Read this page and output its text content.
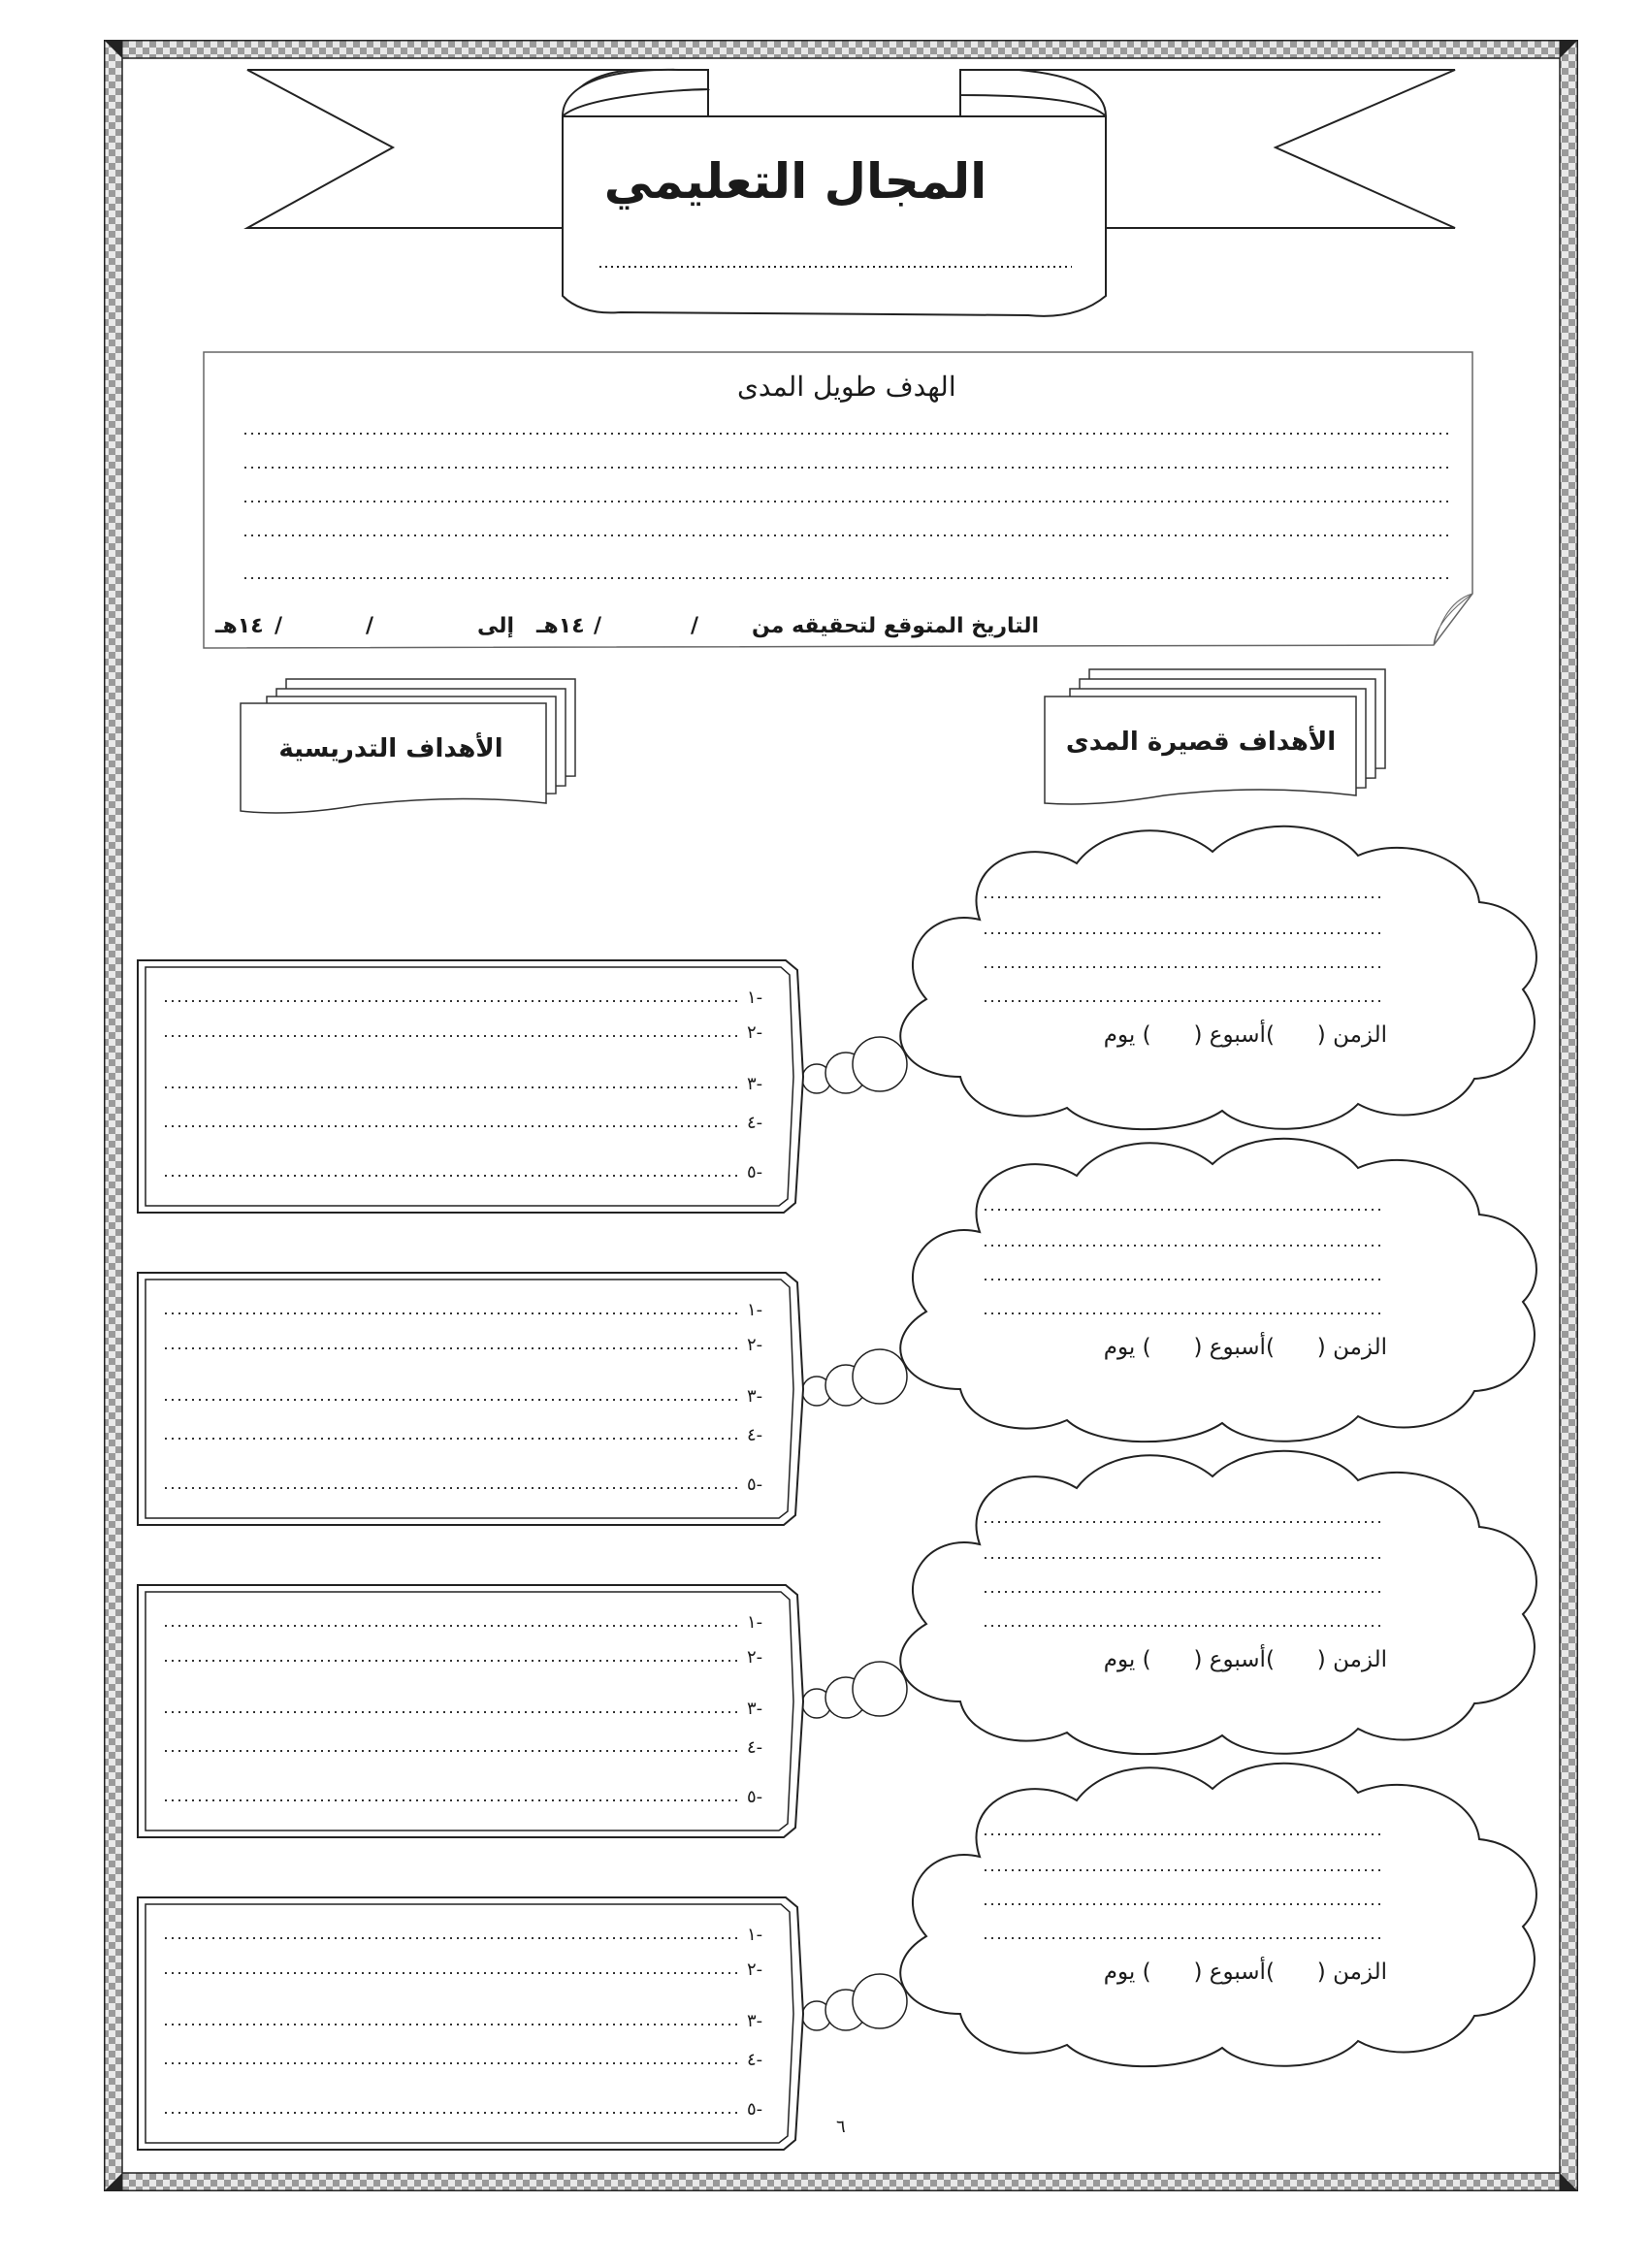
المجال التعليمي
الهدف طويل المدى
التاريخ المتوقع لتحقيقه من
/
/
١٤هـ
إلى
/
/
١٤هـ
الأهداف قصيرة المدى
الأهداف التدريسية
الزمن (      )أسبوع (      ) يوم
-١
-٢
-٣
-٤
-٥
الزمن (      )أسبوع (      ) يوم
-١
-٢
-٣
-٤
-٥
الزمن (      )أسبوع (      ) يوم
-١
-٢
-٣
-٤
-٥
الزمن (      )أسبوع (      ) يوم
-١
-٢
-٣
-٤
-٥
٦
